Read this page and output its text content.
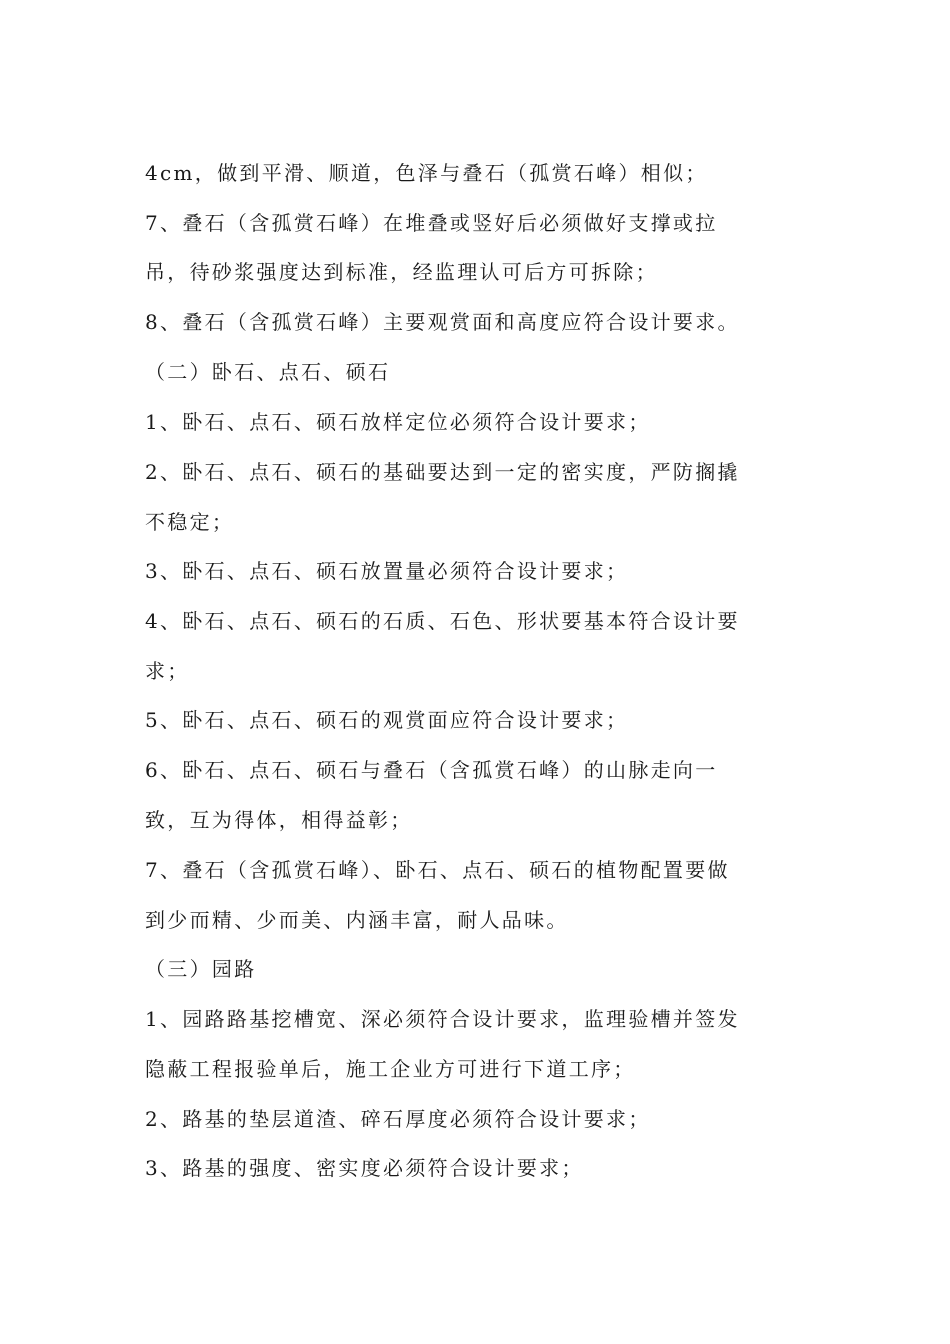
4cm，做到平滑、顺道，色泽与叠石（孤赏石峰）相似；
7、叠石（含孤赏石峰）在堆叠或竖好后必须做好支撑或拉
吊，待砂浆强度达到标准，经监理认可后方可拆除；
8、叠石（含孤赏石峰）主要观赏面和高度应符合设计要求。
（二）卧石、点石、硕石
1、卧石、点石、硕石放样定位必须符合设计要求；
2、卧石、点石、硕石的基础要达到一定的密实度，严防搁撬
不稳定；
3、卧石、点石、硕石放置量必须符合设计要求；
4、卧石、点石、硕石的石质、石色、形状要基本符合设计要
求；
5、卧石、点石、硕石的观赏面应符合设计要求；
6、卧石、点石、硕石与叠石（含孤赏石峰）的山脉走向一
致，互为得体，相得益彰；
7、叠石（含孤赏石峰）、卧石、点石、硕石的植物配置要做
到少而精、少而美、内涵丰富，耐人品味。
（三）园路
1、园路路基挖槽宽、深必须符合设计要求，监理验槽并签发
隐蔽工程报验单后，施工企业方可进行下道工序；
2、路基的垫层道渣、碎石厚度必须符合设计要求；
3、路基的强度、密实度必须符合设计要求；
